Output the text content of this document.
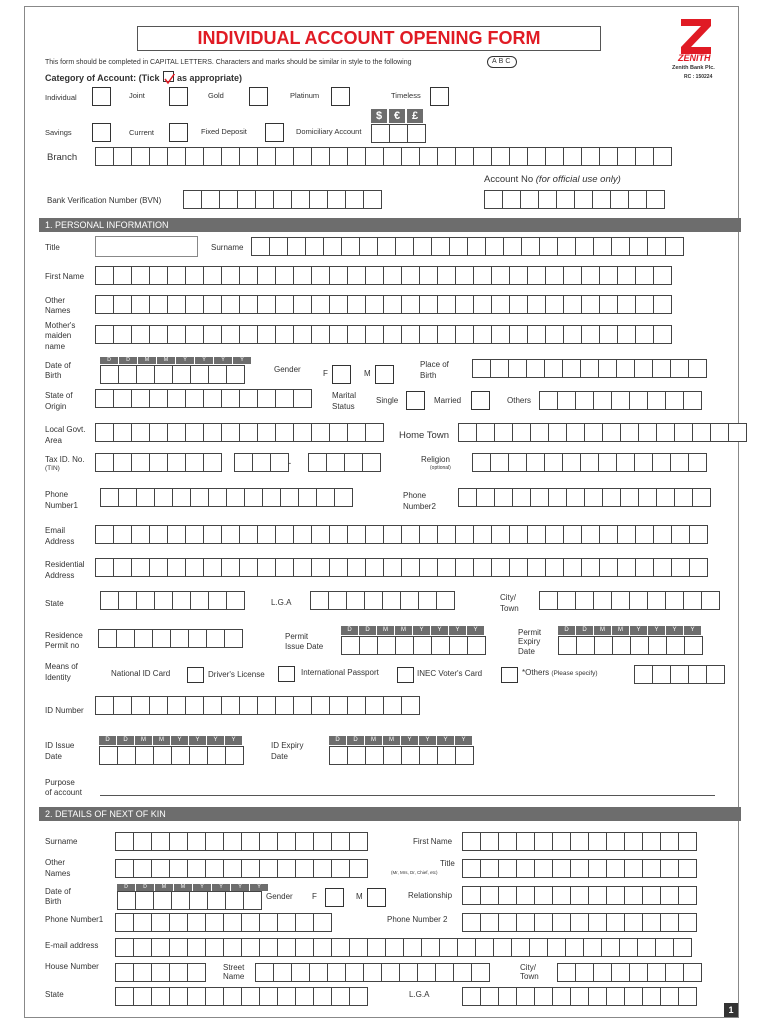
INDIVIDUAL ACCOUNT OPENING FORM
ZENITH
Zenith Bank Plc.
RC : 150224
This form should be completed in CAPITAL LETTERS. Characters and marks should be similar in style to the following	ABC
Category of Account: (Tick as appropriate)
Individual	Joint	Gold	Platinum	Timeless
$	€	£
Savings	Current	Fixed Deposit	Domiciliary Account
Branch
Account No (for official use only)
Bank Verification Number (BVN)
1. PERSONAL INFORMATION
Title	Surname
First Name
Other
Names
Mother's
maiden
name
Date of
Birth
D	D	M	M	Y	Y	Y	Y
Gender	F	M
Place of
Birth
State of
Origin
Marital
Status
Single	Married	Others
Local Govt.
Area	Home Town
Tax ID. No.
(TIN)	-	Religion
(optional)
Phone
Number1
Phone
Number2
Email
Address
Residential
Address
State	L.G.A
City/
Town
Residence
Permit no
Permit
Issue Date
D	D	M	M	Y	Y	Y	Y	Permit
Expiry
Date
D	D	M	M	Y	Y	Y	Y
Means of
Identity	National ID Card	Driver's License	International Passport	INEC Voter's Card	*Others (Please specify)
ID Number
ID Issue
Date
D	D	M	M	Y	Y	Y	Y
ID Expiry
Date
D	D	M	M	Y	Y	Y	Y
Purpose
of account
2. DETAILS OF NEXT OF KIN
Surname	First Name
Other
Names
Title
(Mr, Mrs, Dr, Chief, etc)
Date of
Birth
D	D	M	M	Y	Y	Y	Y
Gender F	M	Relationship
Phone Number1	Phone Number 2
E-mail address
House Number	Street
Name
City/
Town
State	L.G.A
1
